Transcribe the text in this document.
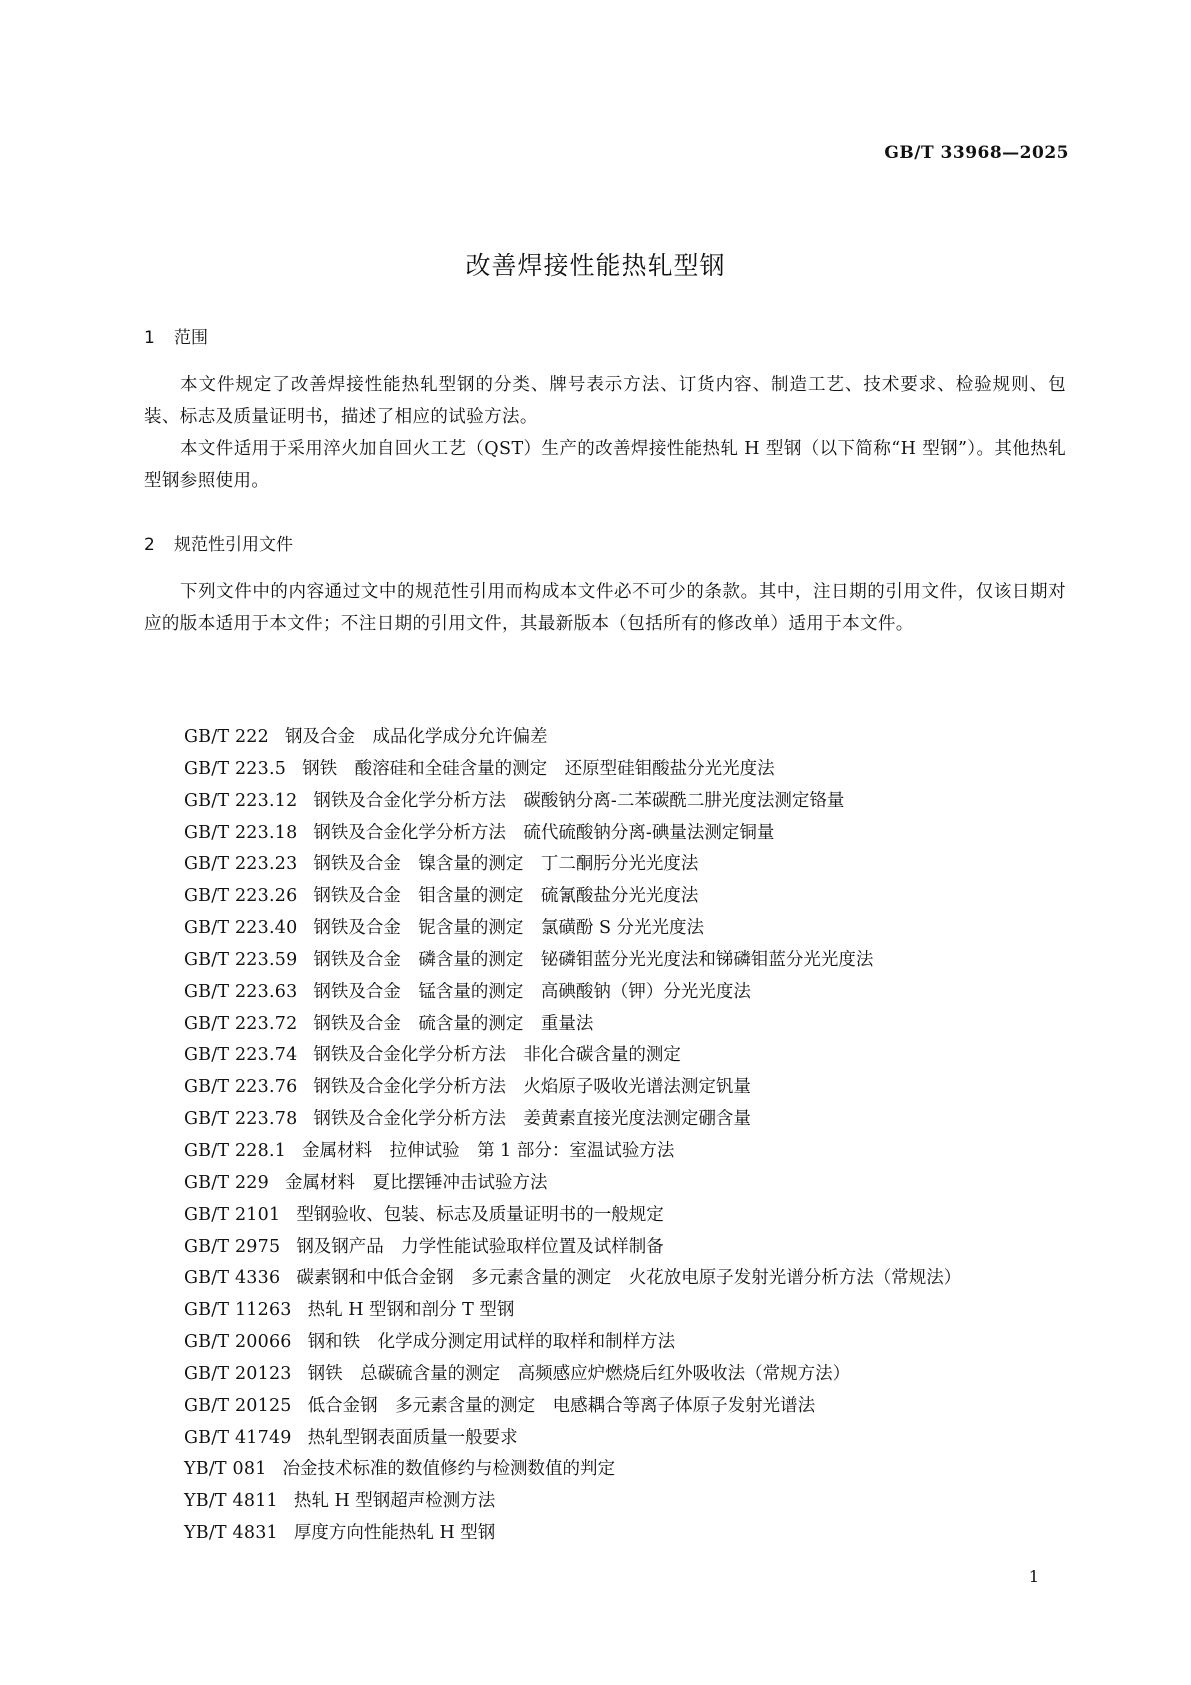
GB/T 33968—2025
改善焊接性能热轧型钢
1 范围

本文件规定了改善焊接性能热轧型钢的分类、牌号表示方法、订货内容、制造工艺、技术要求、检验规则、包装、标志及质量证明书，描述了相应的试验方法。

本文件适用于采用淬火加自回火工艺（QST）生产的改善焊接性能热轧 H 型钢（以下简称“H 型钢”）。其他热轧型钢参照使用。

2 规范性引用文件

下列文件中的内容通过文中的规范性引用而构成本文件必不可少的条款。其中，注日期的引用文件，仅该日期对应的版本适用于本文件；不注日期的引用文件，其最新版本（包括所有的修改单）适用于本文件。

GB/T 222 钢及合金　成品化学成分允许偏差
GB/T 223.5 钢铁　酸溶硅和全硅含量的测定　还原型硅钼酸盐分光光度法
GB/T 223.12 钢铁及合金化学分析方法　碳酸钠分离-二苯碳酰二肼光度法测定铬量
GB/T 223.18 钢铁及合金化学分析方法　硫代硫酸钠分离-碘量法测定铜量
GB/T 223.23 钢铁及合金　镍含量的测定　丁二酮肟分光光度法
GB/T 223.26 钢铁及合金　钼含量的测定　硫氰酸盐分光光度法
GB/T 223.40 钢铁及合金　铌含量的测定　氯磺酚 S 分光光度法
GB/T 223.59 钢铁及合金　磷含量的测定　铋磷钼蓝分光光度法和锑磷钼蓝分光光度法
GB/T 223.63 钢铁及合金　锰含量的测定　高碘酸钠（钾）分光光度法
GB/T 223.72 钢铁及合金　硫含量的测定　重量法
GB/T 223.74 钢铁及合金化学分析方法　非化合碳含量的测定
GB/T 223.76 钢铁及合金化学分析方法　火焰原子吸收光谱法测定钒量
GB/T 223.78 钢铁及合金化学分析方法　姜黄素直接光度法测定硼含量
GB/T 228.1 金属材料　拉伸试验　第 1 部分：室温试验方法
GB/T 229 金属材料　夏比摆锤冲击试验方法
GB/T 2101 型钢验收、包装、标志及质量证明书的一般规定
GB/T 2975 钢及钢产品　力学性能试验取样位置及试样制备
GB/T 4336 碳素钢和中低合金钢　多元素含量的测定　火花放电原子发射光谱分析方法（常规法）
GB/T 11263 热轧 H 型钢和剖分 T 型钢
GB/T 20066 钢和铁　化学成分测定用试样的取样和制样方法
GB/T 20123 钢铁　总碳硫含量的测定　高频感应炉燃烧后红外吸收法（常规方法）
GB/T 20125 低合金钢　多元素含量的测定　电感耦合等离子体原子发射光谱法
GB/T 41749 热轧型钢表面质量一般要求
YB/T 081 冶金技术标准的数值修约与检测数值的判定
YB/T 4811 热轧 H 型钢超声检测方法
YB/T 4831 厚度方向性能热轧 H 型钢
1
